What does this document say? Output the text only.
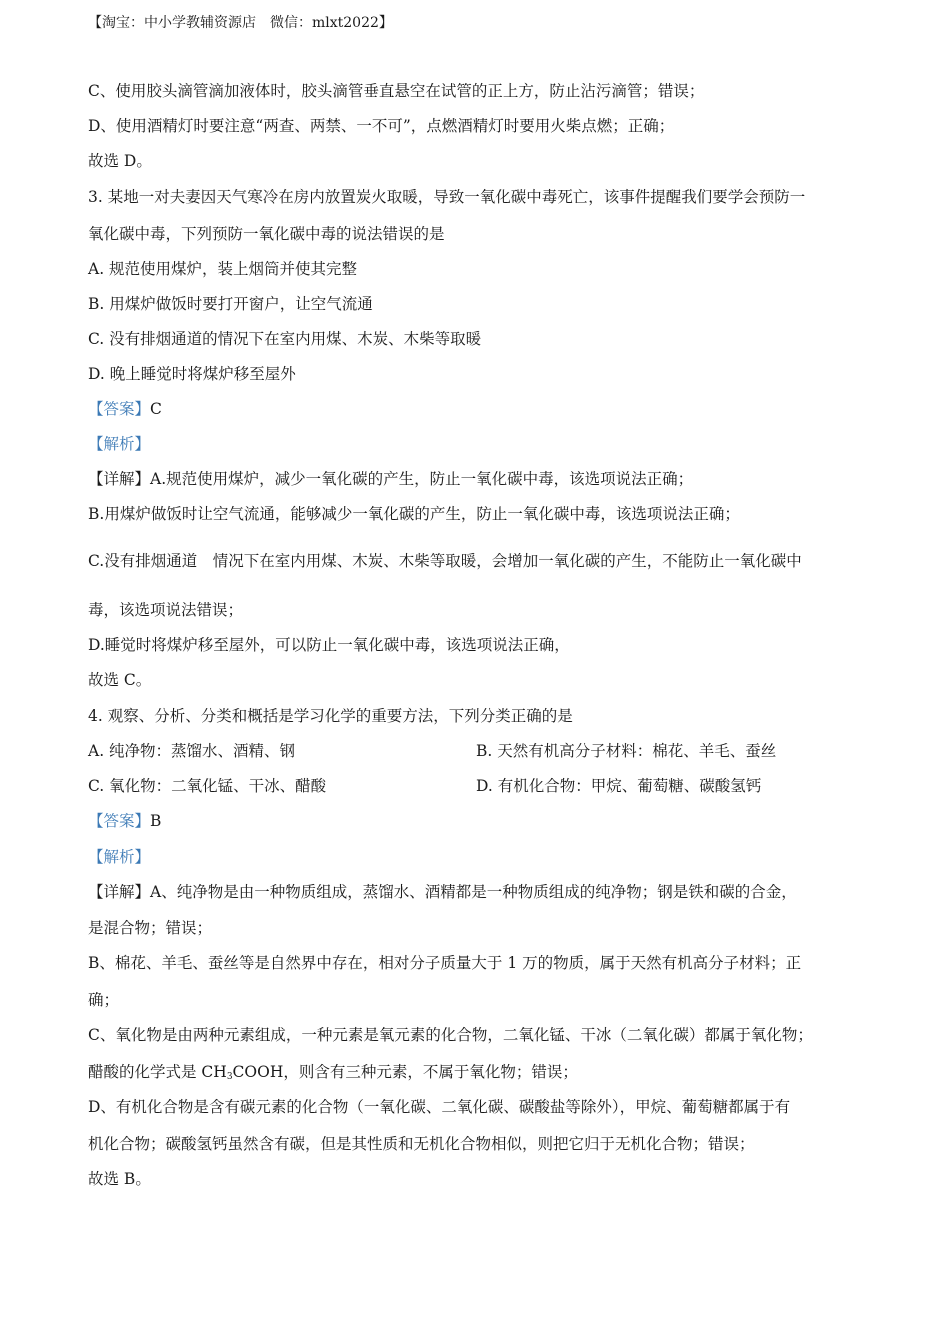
【淘宝：中小学教辅资源店　微信：mlxt2022】
C、使用胶头滴管滴加液体时，胶头滴管垂直悬空在试管的正上方，防止沾污滴管；错误；
D、使用酒精灯时要注意“两查、两禁、一不可”，点燃酒精灯时要用火柴点燃；正确；
故选 D。
3. 某地一对夫妻因天气寒冷在房内放置炭火取暖，导致一氧化碳中毒死亡，该事件提醒我们要学会预防一
氧化碳中毒，下列预防一氧化碳中毒的说法错误的是
A. 规范使用煤炉，装上烟筒并使其完整
B. 用煤炉做饭时要打开窗户，让空气流通
C. 没有排烟通道的情况下在室内用煤、木炭、木柴等取暖
D. 晚上睡觉时将煤炉移至屋外
【答案】C
【解析】
【详解】A.规范使用煤炉，减少一氧化碳的产生，防止一氧化碳中毒，该选项说法正确；
B.用煤炉做饭时让空气流通，能够减少一氧化碳的产生，防止一氧化碳中毒，该选项说法正确；
C.没有排烟通道　情况下在室内用煤、木炭、木柴等取暖，会增加一氧化碳的产生，不能防止一氧化碳中
毒，该选项说法错误；
D.睡觉时将煤炉移至屋外，可以防止一氧化碳中毒，该选项说法正确，
故选 C。
4. 观察、分析、分类和概括是学习化学的重要方法，下列分类正确的是
A. 纯净物：蒸馏水、酒精、钢	B. 天然有机高分子材料：棉花、羊毛、蚕丝
C. 氧化物：二氧化锰、干冰、醋酸	D. 有机化合物：甲烷、葡萄糖、碳酸氢钙
【答案】B
【解析】
【详解】A、纯净物是由一种物质组成，蒸馏水、酒精都是一种物质组成的纯净物；钢是铁和碳的合金，
是混合物；错误；
B、棉花、羊毛、蚕丝等是自然界中存在，相对分子质量大于 1 万的物质，属于天然有机高分子材料；正
确；
C、氧化物是由两种元素组成，一种元素是氧元素的化合物，二氧化锰、干冰（二氧化碳）都属于氧化物；
醋酸的化学式是 $CH_3COOH$，则含有三种元素，不属于氧化物；错误；
D、有机化合物是含有碳元素的化合物（一氧化碳、二氧化碳、碳酸盐等除外），甲烷、葡萄糖都属于有
机化合物；碳酸氢钙虽然含有碳，但是其性质和无机化合物相似，则把它归于无机化合物；错误；
故选 B。
